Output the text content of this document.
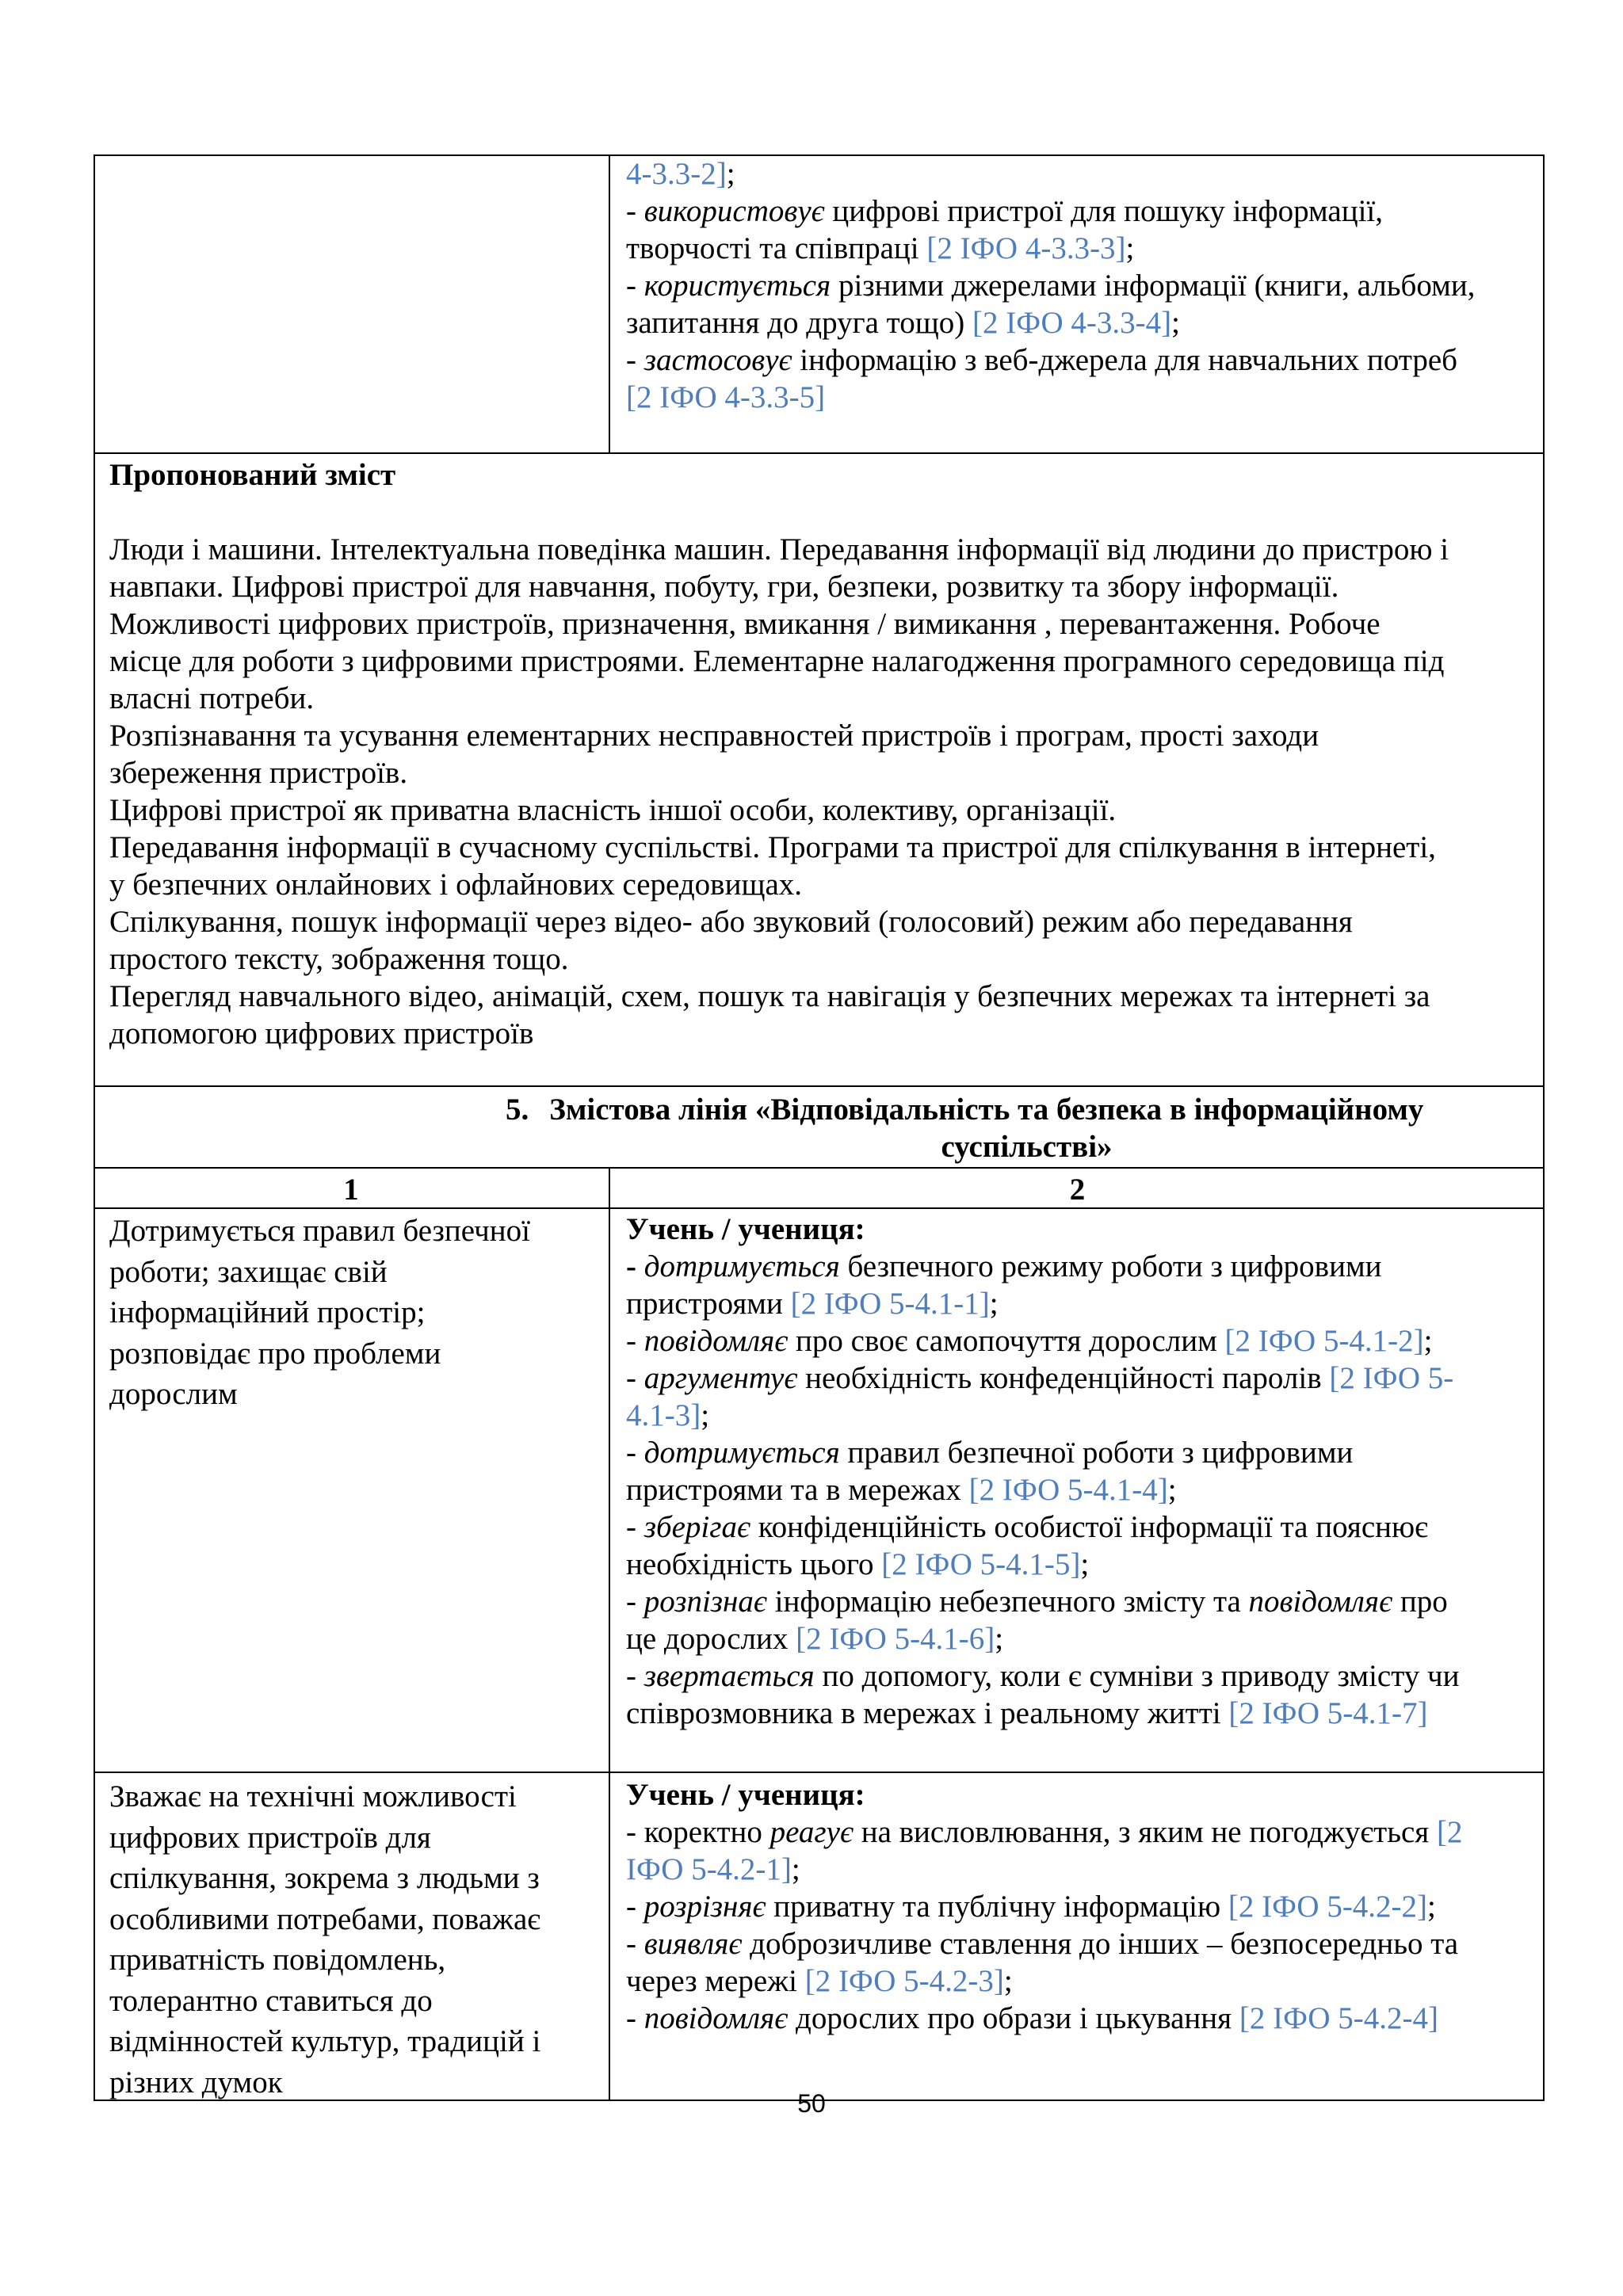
4-3.3-2];
- використовує цифрові пристрої для пошуку інформації,
творчості та співпраці [2 ІФО 4-3.3-3];
- користується різними джерелами інформації (книги, альбоми,
запитання до друга тощо) [2 ІФО 4-3.3-4];
- застосовує інформацію з веб-джерела для навчальних потреб
[2 ІФО 4-3.3-5]
Пропонований зміст
Люди і машини. Інтелектуальна поведінка машин. Передавання інформації від людини до пристрою і
навпаки. Цифрові пристрої для навчання, побуту, гри, безпеки, розвитку та збору інформації.
Можливості цифрових пристроїв, призначення, вмикання / вимикання , перевантаження. Робоче
місце для роботи з цифровими пристроями. Елементарне налагодження програмного середовища під
власні потреби.
Розпізнавання та усування елементарних несправностей пристроїв і програм, прості заходи
збереження пристроїв.
Цифрові пристрої як приватна власність іншої особи, колективу, організації.
Передавання інформації в сучасному суспільстві. Програми та пристрої для спілкування в інтернеті,
у безпечних онлайнових і офлайнових середовищах.
Спілкування, пошук інформації через відео- або звуковий (голосовий) режим або передавання
простого тексту, зображення тощо.
Перегляд навчального відео, анімацій, схем, пошук та навігація у безпечних мережах та інтернеті за
допомогою цифрових пристроїв
5. Змістова лінія «Відповідальність та безпека в інформаційному
суспільстві»
1	2
Дотримується правил безпечної
роботи; захищає свій
інформаційний простір;
розповідає про проблеми
дорослим
Учень / учениця:
- дотримується безпечного режиму роботи з цифровими
пристроями [2 ІФО 5-4.1-1];
- повідомляє про своє самопочуття дорослим [2 ІФО 5-4.1-2];
- аргументує необхідність конфеденційності паролів [2 ІФО 5-
4.1-3];
- дотримується правил безпечної роботи з цифровими
пристроями та в мережах [2 ІФО 5-4.1-4];
- зберігає конфіденційність особистої інформації та пояснює
необхідність цього [2 ІФО 5-4.1-5];
- розпізнає інформацію небезпечного змісту та повідомляє про
це дорослих [2 ІФО 5-4.1-6];
- звертається по допомогу, коли є сумніви з приводу змісту чи
співрозмовника в мережах і реальному житті [2 ІФО 5-4.1-7]
Зважає на технічні можливості
цифрових пристроїв для
спілкування, зокрема з людьми з
особливими потребами, поважає
приватність повідомлень,
толерантно ставиться до
відмінностей культур, традицій і
різних думок
Учень / учениця:
- коректно реагує на висловлювання, з яким не погоджується [2
ІФО 5-4.2-1];
- розрізняє приватну та публічну інформацію [2 ІФО 5-4.2-2];
- виявляє доброзичливе ставлення до інших – безпосередньо та
через мережі [2 ІФО 5-4.2-3];
- повідомляє дорослих про образи і цькування [2 ІФО 5-4.2-4]
50
